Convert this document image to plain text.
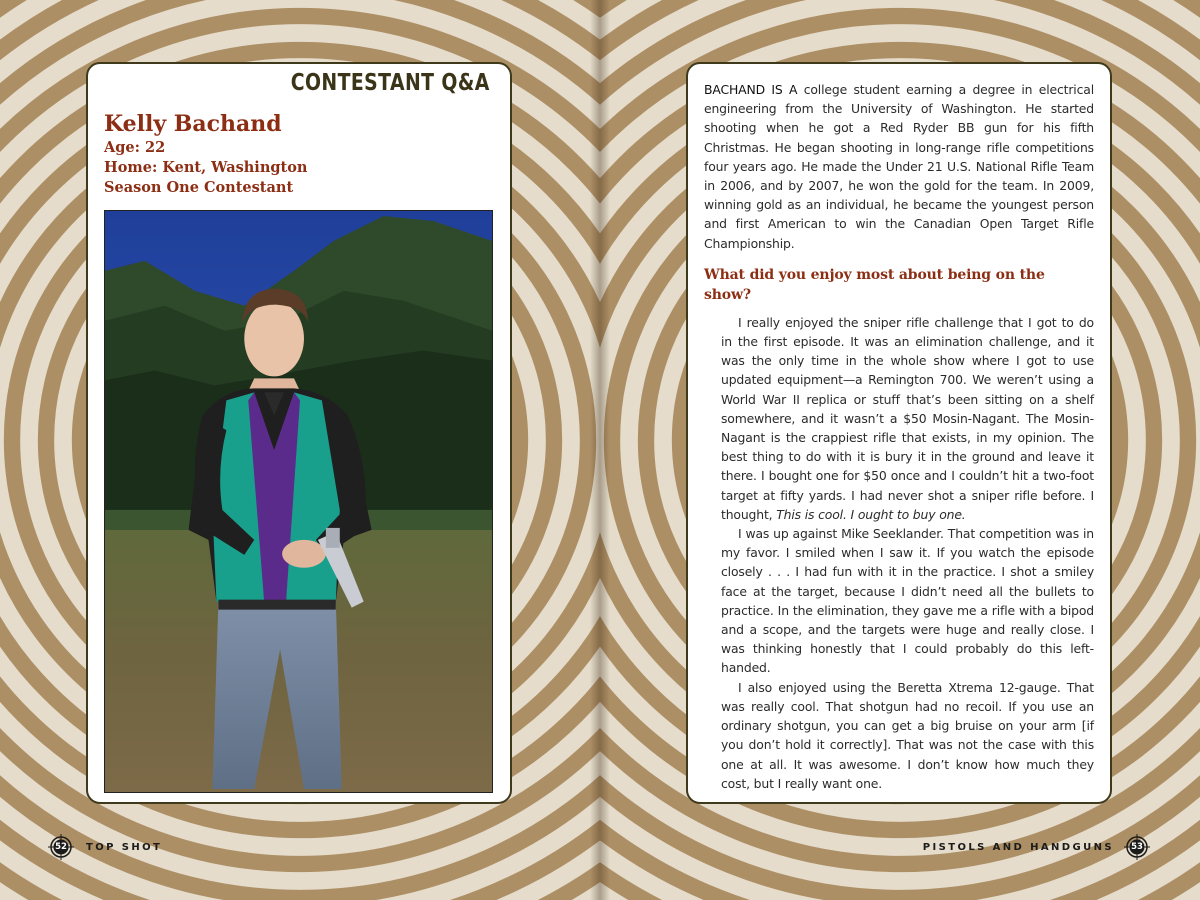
CONTESTANT Q&A
Kelly Bachand
Age: 22
Home: Kent, Washington
Season One Contestant

BACHAND IS A college student earning a degree in electrical engineering from the University of Washington. He started shooting when he got a Red Ryder BB gun for his fifth Christmas. He began shooting in long-range rifle competitions four years ago. He made the Under 21 U.S. National Rifle Team in 2006, and by 2007, he won the gold for the team. In 2009, winning gold as an individual, he became the youngest person and first American to win the Canadian Open Target Rifle Championship.

What did you enjoy most about being on the show?

I really enjoyed the sniper rifle challenge that I got to do in the first episode. It was an elimination challenge, and it was the only time in the whole show where I got to use updated equipment—a Remington 700. We weren’t using a World War II replica or stuff that’s been sitting on a shelf somewhere, and it wasn’t a $50 Mosin-Nagant. The Mosin-Nagant is the crappiest rifle that exists, in my opinion. The best thing to do with it is bury it in the ground and leave it there. I bought one for $50 once and I couldn’t hit a two-foot target at fifty yards. I had never shot a sniper rifle before. I thought, This is cool. I ought to buy one.

I was up against Mike Seeklander. That competition was in my favor. I smiled when I saw it. If you watch the episode closely . . . I had fun with it in the practice. I shot a smiley face at the target, because I didn’t need all the bullets to practice. In the elimination, they gave me a rifle with a bipod and a scope, and the targets were huge and really close. I was thinking honestly that I could probably do this left-handed.

I also enjoyed using the Beretta Xtrema 12-gauge. That was really cool. That shotgun had no recoil. If you use an ordinary shotgun, you can get a big bruise on your arm [if you don’t hold it correctly]. That was not the case with this one at all. It was awesome. I don’t know how much they cost, but I really want one.

52	TOP SHOT	PISTOLS AND HANDGUNS	53
